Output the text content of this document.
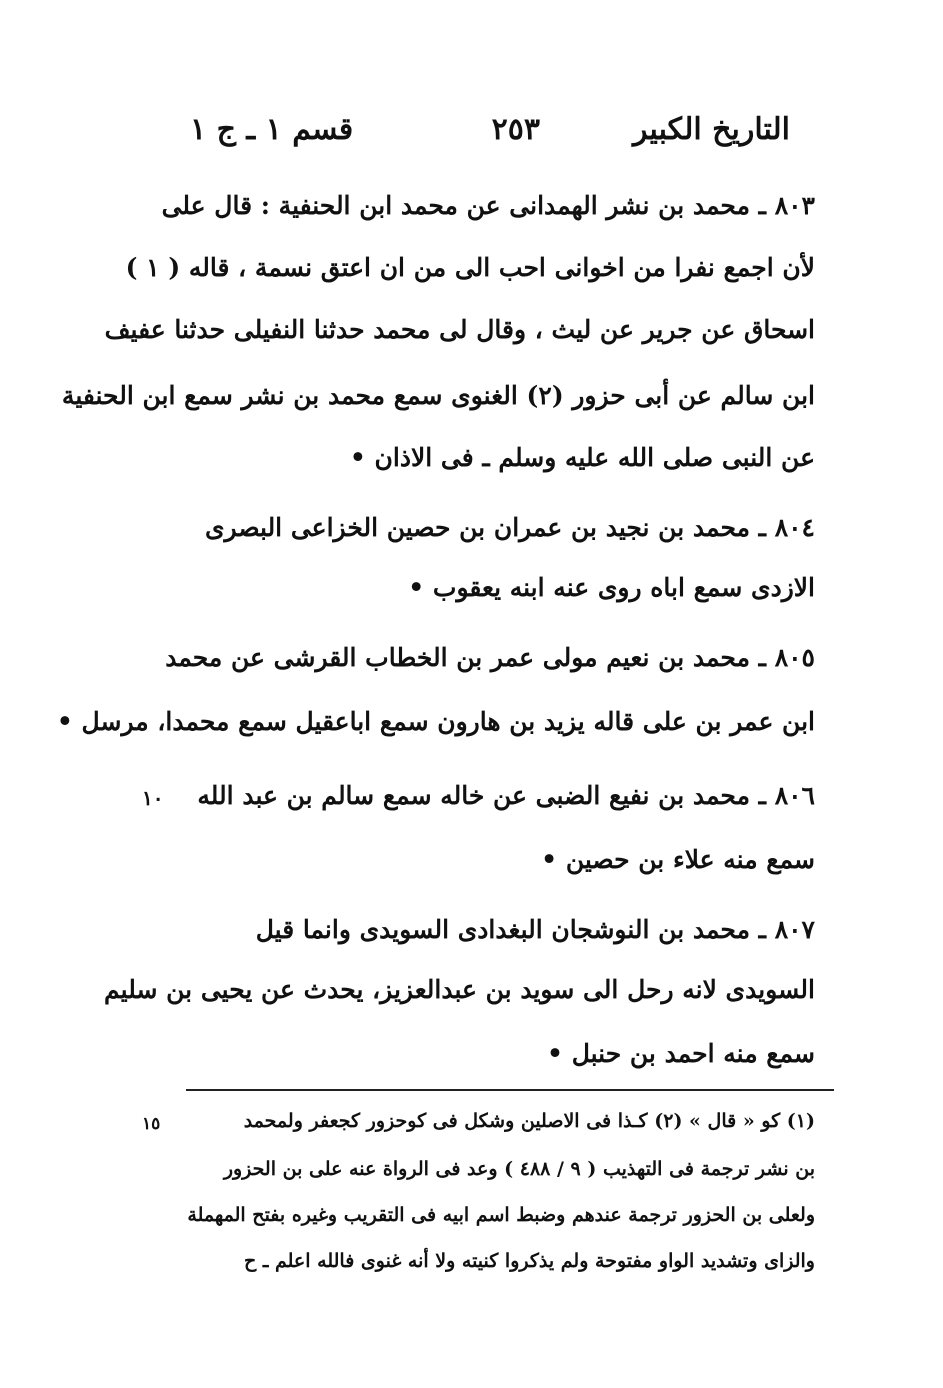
التاريخ الكبير
٢٥٣
قسم ١ ـ ج ١
٨٠٣ ـ محمد بن نشر الهمدانى عن محمد ابن الحنفية : قال على
لأن اجمع نفرا من اخوانى احب الى من ان اعتق نسمة ، قاله ( ١ )
اسحاق عن جرير عن ليث ، وقال لى محمد حدثنا النفيلى حدثنا عفيف
ابن سالم عن أبى حزور (٢) الغنوى سمع محمد بن نشر سمع ابن الحنفية
عن النبى صلى الله عليه وسلم ـ فى الاذان •
٨٠٤ ـ محمد بن نجيد بن عمران بن حصين الخزاعى البصرى
الازدى سمع اباه روى عنه ابنه يعقوب •
٨٠٥ ـ محمد بن نعيم مولى عمر بن الخطاب القرشى عن محمد
ابن عمر بن على قاله يزيد بن هارون سمع اباعقيل سمع محمدا، مرسل •
٨٠٦ ـ محمد بن نفيع الضبى عن خاله سمع سالم بن عبد الله
سمع منه علاء بن حصين •
٨٠٧ ـ محمد بن النوشجان البغدادى السويدى وانما قيل
السويدى لانه رحل الى سويد بن عبدالعزيز، يحدث عن يحيى بن سليم
سمع منه احمد بن حنبل •
١٠
(١) كو « قال » (٢) كـذا فى الاصلين وشكل فى كوحزور كجعفر ولمحمد
بن نشر ترجمة فى التهذيب ( ٩ / ٤٨٨ ) وعد فى الرواة عنه على بن الحزور
ولعلى بن الحزور ترجمة عندهم وضبط اسم ابيه فى التقريب وغيره بفتح المهملة
والزاى وتشديد الواو مفتوحة ولم يذكروا كنيته ولا أنه غنوى فالله اعلم ـ ح
١٥
